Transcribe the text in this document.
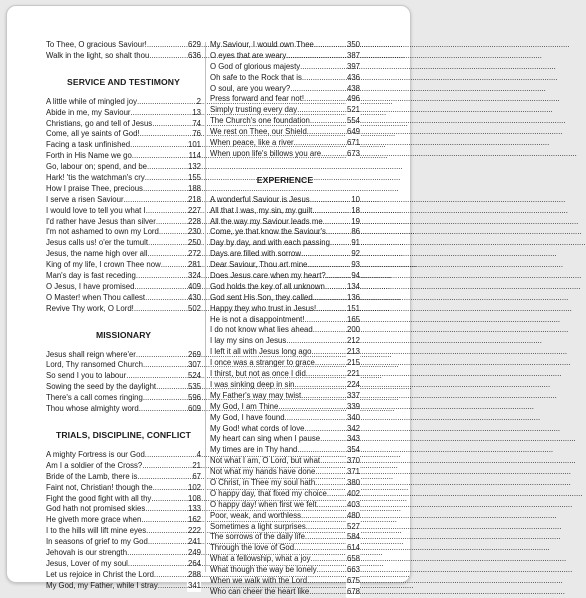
To Thee, O gracious Saviour! .....	629
Walk in the light, so shalt thou .....	636
SERVICE AND TESTIMONY
A little while of mingled joy .....	2
Abide in me, my Saviour .....	13
Christians, go and tell of Jesus .....	74
Come, all ye saints of God! .....	76
Facing a task unfinished .....	101
Forth in His Name we go .....	114
Go, labour on; spend, and be .....	132
Hark! 'tis the watchman's cry .....	155
How I praise Thee, precious .....	188
I serve a risen Saviour .....	218
I would love to tell you what I .....	227
I'd rather have Jesus than silver .....	228
I'm not ashamed to own my Lord .....	230
Jesus calls us! o'er the tumult .....	250
Jesus, the name high over all .....	272
King of my life, I crown Thee now .....	281
Man's day is fast receding .....	324
O Jesus, I have promised .....	409
O Master! when Thou callest .....	430
Revive Thy work, O Lord! .....	502
MISSIONARY
Jesus shall reign where'er .....	269
Lord, Thy ransomed Church .....	307
So send I you to labour .....	524
Sowing the seed by the daylight .....	535
There's a call comes ringing .....	596
Thou whose almighty word .....	609
TRIALS, DISCIPLINE, CONFLICT
A mighty Fortress is our God .....	4
Am I a soldier of the Cross? .....	21
Bride of the Lamb, there is .....	67
Faint not, Christian! though the .....	102
Fight the good fight with all thy .....	108
God hath not promised skies .....	133
He giveth more grace when .....	162
I to the hills will lift mine eyes .....	222
In seasons of grief to my God .....	241
Jehovah is our strength .....	249
Jesus, Lover of my soul .....	264
Let us rejoice in Christ the Lord .....	288
My God, my Father, while I stray .....	341
My Saviour, I would own Thee .....	350
O eyes that are weary .....	387
O God of glorious majesty .....	397
Oh safe to the Rock that is .....	436
O soul, are you weary? .....	438
Press forward and fear not! .....	496
Simply trusting every day .....	521
The Church's one foundation .....	554
We rest on Thee, our Shield .....	649
When peace, like a river .....	671
When upon life's billows you are .....	673
EXPERIENCE
A wonderful Saviour is Jesus .....	10
All that I was, my sin, my guilt .....	18
All the way my Saviour leads me .....	19
Come, ye that know the Saviour's .....	86
Day by day, and with each passing .....	91
Days are filled with sorrow .....	92
Dear Saviour, Thou art mine .....	93
Does Jesus care when my heart? .....	94
God holds the key of all unknown .....	134
God sent His Son, they called .....	136
Happy they who trust in Jesus! .....	151
He is not a disappointment! .....	165
I do not know what lies ahead .....	200
I lay my sins on Jesus .....	212
I left it all with Jesus long ago .....	213
I once was a stranger to grace .....	215
I thirst, but not as once I did .....	221
I was sinking deep in sin .....	224
My Father's way may twist .....	337
My God, I am Thine .....	339
My God, I have found .....	340
My God! what cords of love .....	342
My heart can sing when I pause .....	343
My times are in Thy hand .....	354
Not what I am, O Lord, but what .....	370
Not what my hands have done .....	371
O Christ, in Thee my soul hath .....	380
O happy day, that fixed my choice .....	402
O happy day! when first we felt .....	403
Poor, weak, and worthless .....	480
Sometimes a light surprises .....	527
The sorrows of the daily life .....	584
Through the love of God .....	614
What a fellowship, what a joy .....	658
What though the way be lonely .....	663
When we walk with the Lord .....	675
Who can cheer the heart like .....	678
